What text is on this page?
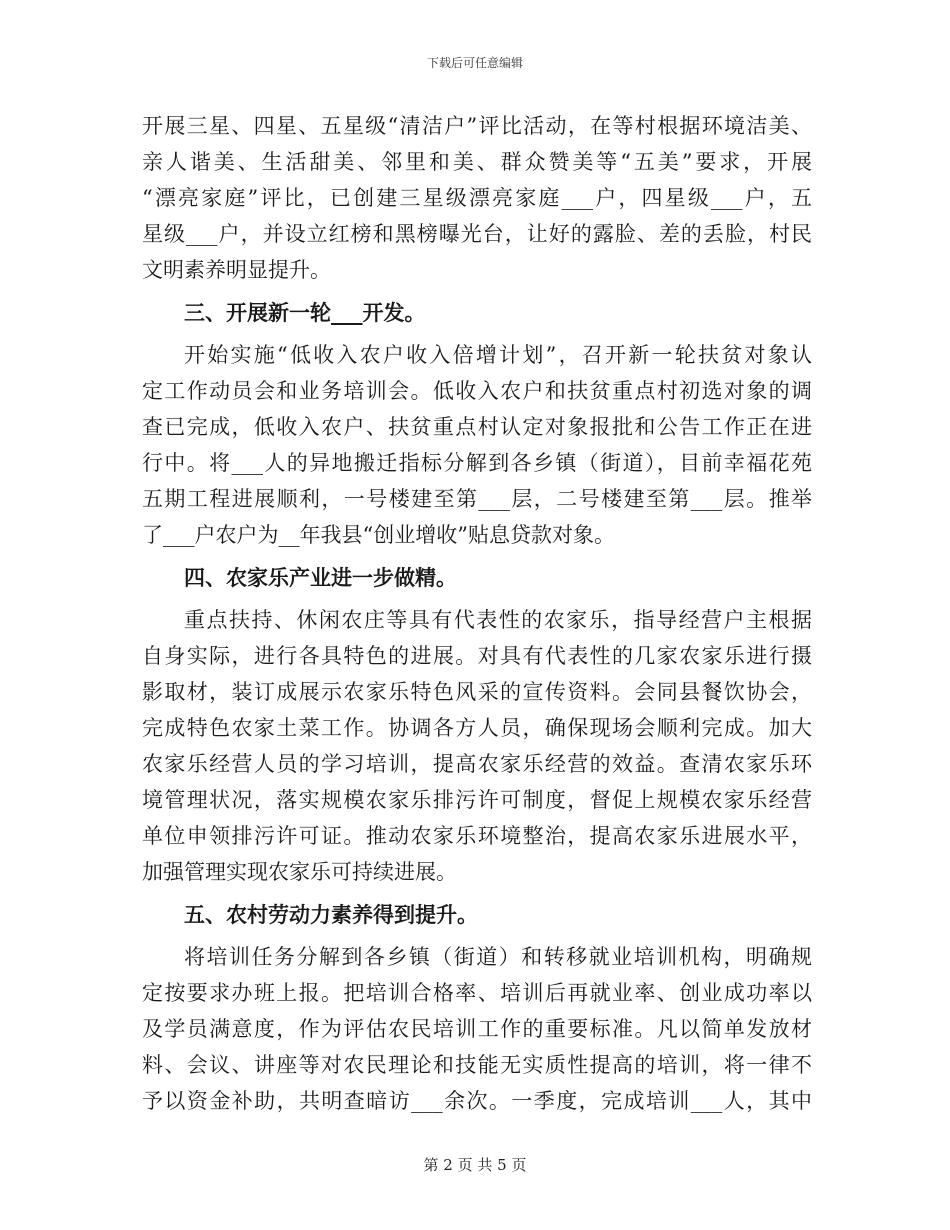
下载后可任意编辑
开展三星、四星、五星级“清洁户”评比活动，在等村根据环境洁美、
亲人谐美、生活甜美、邻里和美、群众赞美等“五美”要求，开展
“漂亮家庭”评比，已创建三星级漂亮家庭___户，四星级___户，五
星级___户，并设立红榜和黑榜曝光台，让好的露脸、差的丢脸，村民
文明素养明显提升。
三、开展新一轮___开发。
开始实施“低收入农户收入倍增计划”，召开新一轮扶贫对象认
定工作动员会和业务培训会。低收入农户和扶贫重点村初选对象的调
查已完成，低收入农户、扶贫重点村认定对象报批和公告工作正在进
行中。将___人的异地搬迁指标分解到各乡镇（街道），目前幸福花苑
五期工程进展顺利，一号楼建至第___层，二号楼建至第___层。推举
了___户农户为__年我县“创业增收”贴息贷款对象。
四、农家乐产业进一步做精。
重点扶持、休闲农庄等具有代表性的农家乐，指导经营户主根据
自身实际，进行各具特色的进展。对具有代表性的几家农家乐进行摄
影取材，装订成展示农家乐特色风采的宣传资料。会同县餐饮协会，
完成特色农家土菜工作。协调各方人员，确保现场会顺利完成。加大
农家乐经营人员的学习培训，提高农家乐经营的效益。查清农家乐环
境管理状况，落实规模农家乐排污许可制度，督促上规模农家乐经营
单位申领排污许可证。推动农家乐环境整治，提高农家乐进展水平，
加强管理实现农家乐可持续进展。
五、农村劳动力素养得到提升。
将培训任务分解到各乡镇（街道）和转移就业培训机构，明确规
定按要求办班上报。把培训合格率、培训后再就业率、创业成功率以
及学员满意度，作为评估农民培训工作的重要标准。凡以简单发放材
料、会议、讲座等对农民理论和技能无实质性提高的培训，将一律不
予以资金补助，共明查暗访___余次。一季度，完成培训___人，其中
第 2 页 共 5 页
